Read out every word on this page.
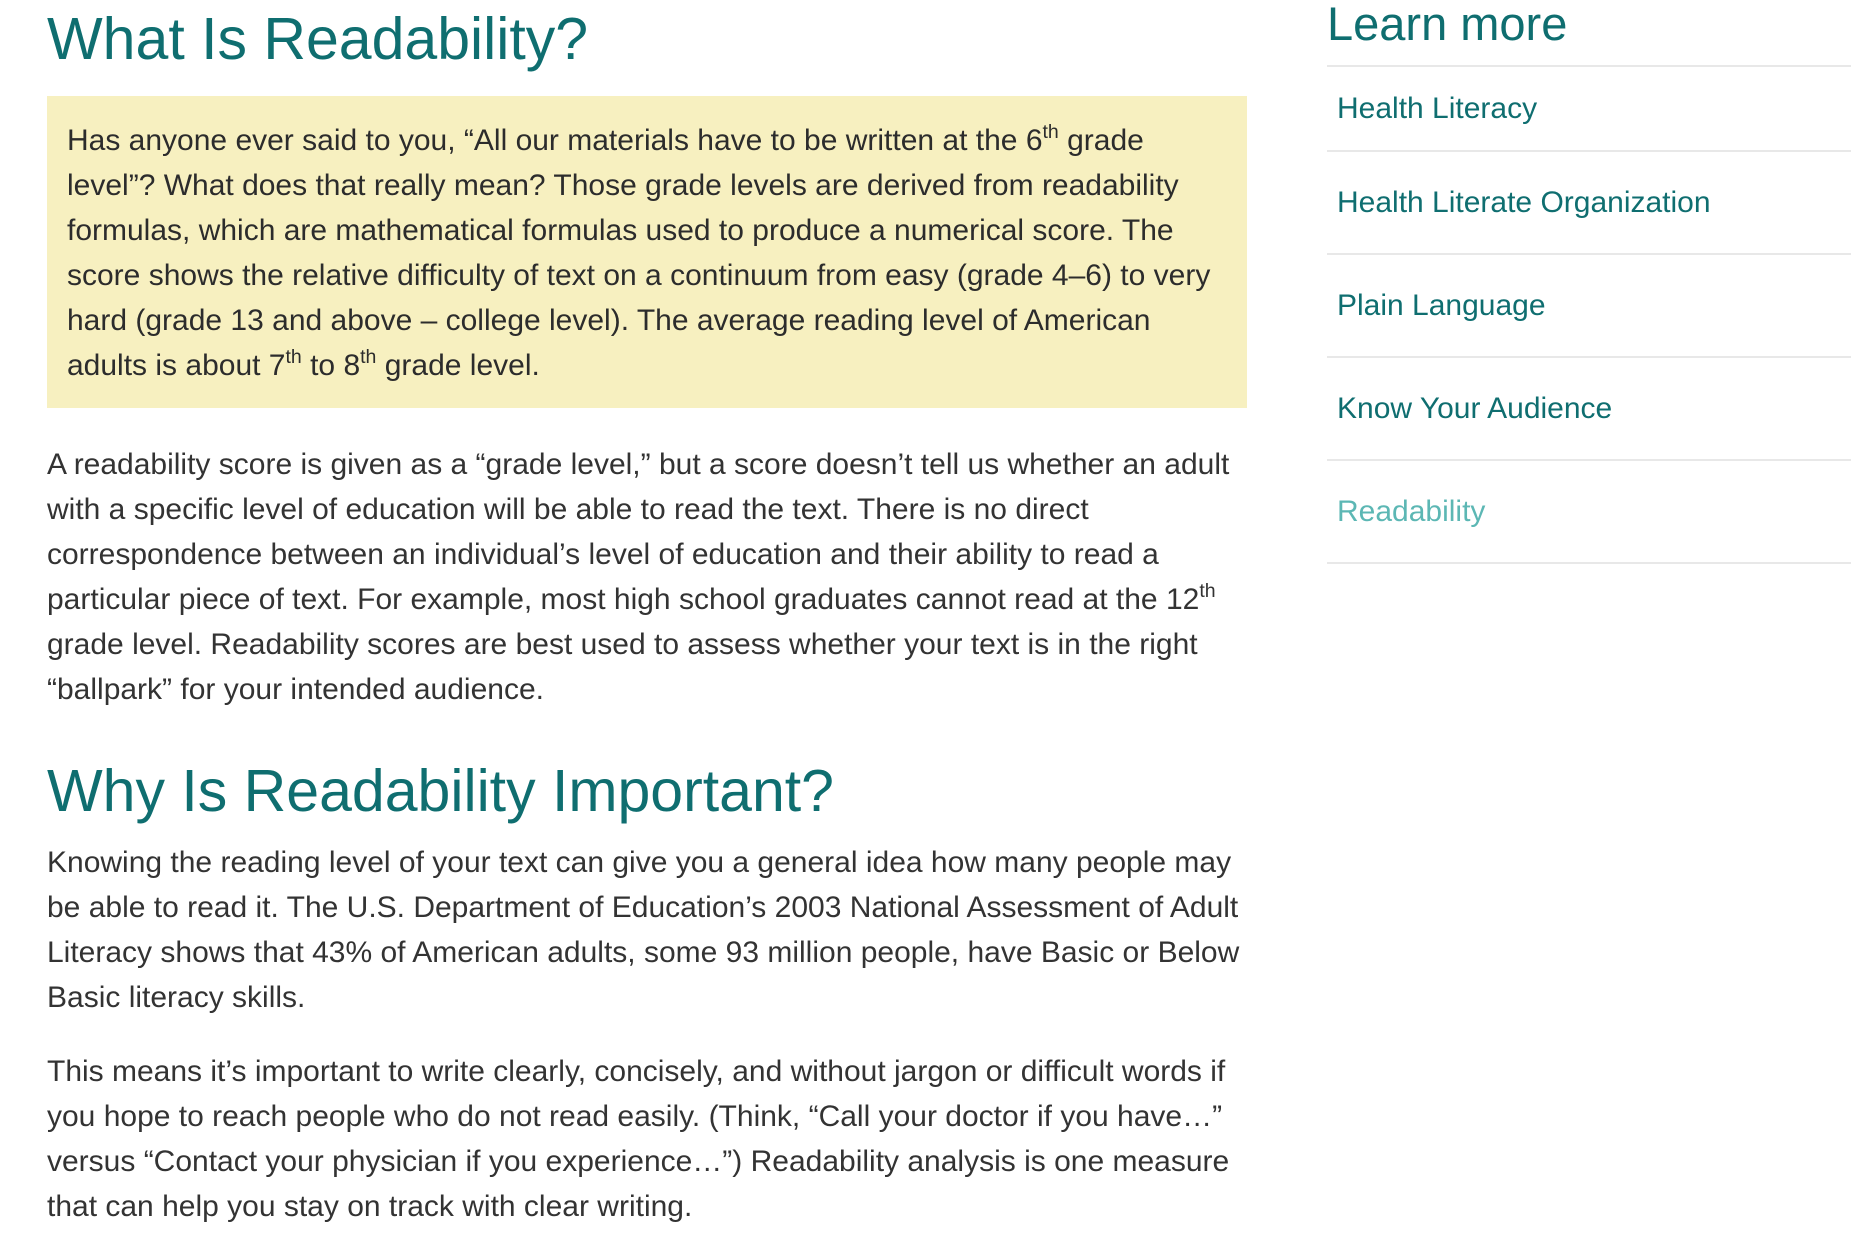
What Is Readability?
Has anyone ever said to you, “All our materials have to be written at the 6th grade level”? What does that really mean? Those grade levels are derived from readability formulas, which are mathematical formulas used to produce a numerical score. The score shows the relative difficulty of text on a continuum from easy (grade 4–6) to very hard (grade 13 and above – college level). The average reading level of American adults is about 7th to 8th grade level.

A readability score is given as a “grade level,” but a score doesn’t tell us whether an adult with a specific level of education will be able to read the text. There is no direct correspondence between an individual’s level of education and their ability to read a particular piece of text. For example, most high school graduates cannot read at the 12th grade level. Readability scores are best used to assess whether your text is in the right “ballpark” for your intended audience.

Why Is Readability Important?

Knowing the reading level of your text can give you a general idea how many people may be able to read it. The U.S. Department of Education’s 2003 National Assessment of Adult Literacy shows that 43% of American adults, some 93 million people, have Basic or Below Basic literacy skills.

This means it’s important to write clearly, concisely, and without jargon or difficult words if you hope to reach people who do not read easily. (Think, “Call your doctor if you have…” versus “Contact your physician if you experience…”) Readability analysis is one measure that can help you stay on track with clear writing.

Learn more
Health Literacy
Health Literate Organization
Plain Language
Know Your Audience
Readability
